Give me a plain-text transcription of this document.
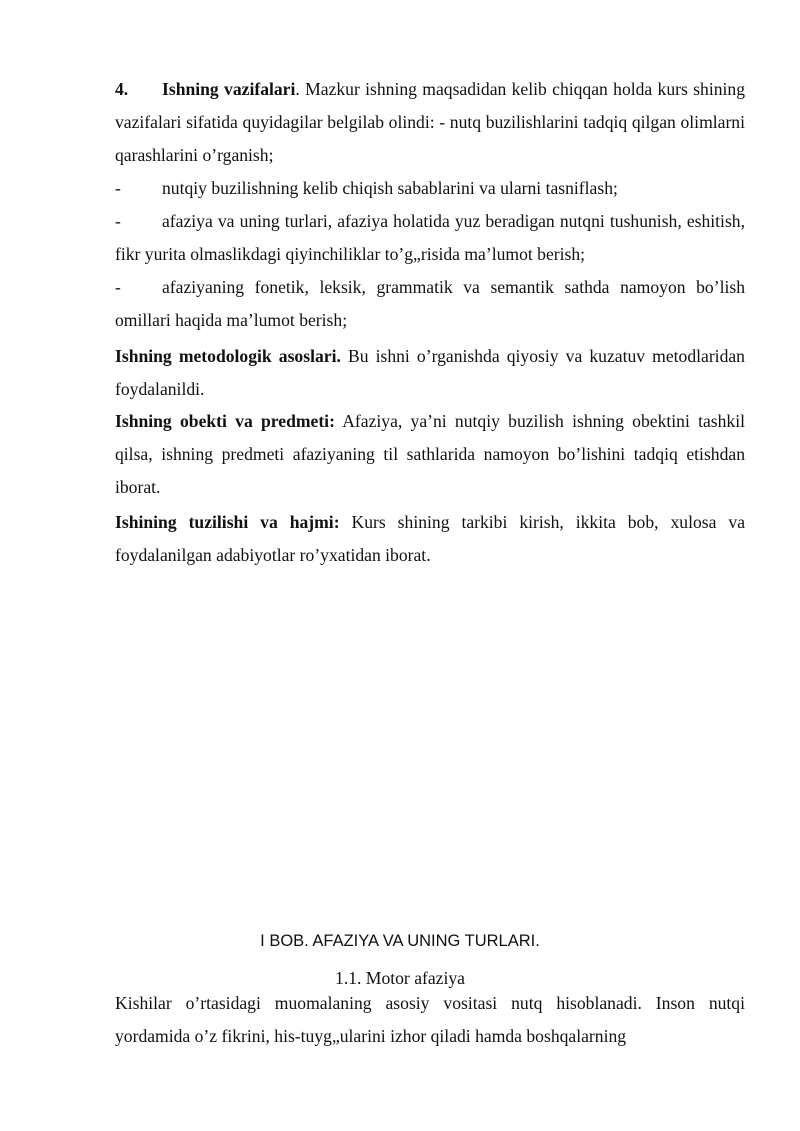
4. Ishning vazifalari. Mazkur ishning maqsadidan kelib chiqqan holda kurs shining vazifalari sifatida quyidagilar belgilab olindi: - nutq buzilishlarini tadqiq qilgan olimlarni qarashlarini o’rganish;

- nutqiy buzilishning kelib chiqish sabablarini va ularni tasniflash;

- afaziya va uning turlari, afaziya holatida yuz beradigan nutqni tushunish, eshitish, fikr yurita olmaslikdagi qiyinchiliklar to’g„risida ma’lumot berish;

- afaziyaning fonetik, leksik, grammatik va semantik sathda namoyon bo’lish omillari haqida ma’lumot berish;

Ishning metodologik asoslari. Bu ishni o’rganishda qiyosiy va kuzatuv metodlaridan foydalanildi.

Ishning obekti va predmeti: Afaziya, ya’ni nutqiy buzilish ishning obektini tashkil qilsa, ishning predmeti afaziyaning til sathlarida namoyon bo’lishini tadqiq etishdan iborat.

Ishining tuzilishi va hajmi: Kurs shining tarkibi kirish, ikkita bob, xulosa va foydalanilgan adabiyotlar ro’yxatidan iborat.

I BOB. AFAZIYA VA UNING TURLARI.

1.1. Motor afaziya

Kishilar o’rtasidagi muomalaning asosiy vositasi nutq hisoblanadi. Inson nutqi yordamida o’z fikrini, his-tuyg„ularini izhor qiladi hamda boshqalarning
